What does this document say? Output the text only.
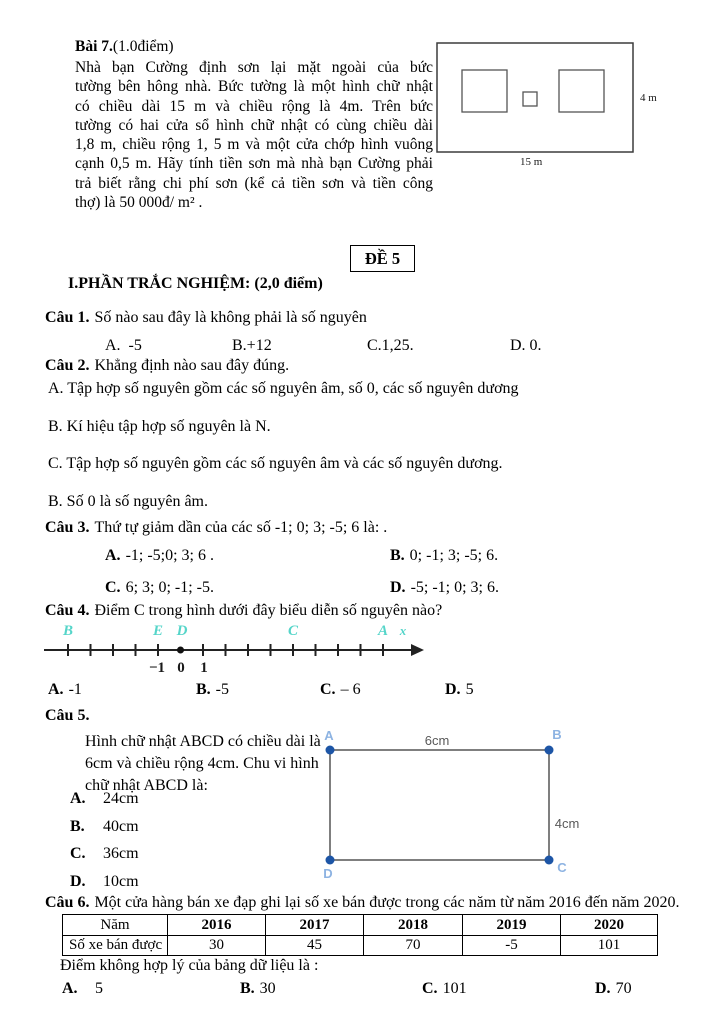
Bài 7.(1.0điểm)
Nhà bạn Cường định sơn lại mặt ngoài của bức
tường bên hông nhà. Bức tường là một hình chữ nhật
có chiều dài 15 m và chiều rộng là 4m. Trên bức
tường có hai cửa sổ hình chữ nhật có cùng chiều dài
1,8 m, chiều rộng 1, 5 m và một cửa chớp hình vuông
cạnh 0,5 m. Hãy tính tiền sơn mà nhà bạn Cường phải
trả biết rằng chi phí sơn (kể cả tiền sơn và tiền công
thợ) là 50 000đ/ m² .
4 m
15 m
ĐỀ 5
I.PHẦN TRẮC NGHIỆM: (2,0 điểm)
Câu 1. Số nào sau đây là không phải là số nguyên
A.  -5	B.+12	C.1,25.	D. 0.
Câu 2. Khẳng định nào sau đây đúng.
A. Tập hợp số nguyên gồm các số nguyên âm, số 0, các số nguyên dương
B. Kí hiệu tập hợp số nguyên là N.
C. Tập hợp số nguyên gồm các số nguyên âm và các số nguyên dương.
B. Số 0 là số nguyên âm.
Câu 3. Thứ tự giảm dần của các số -1; 0; 3; -5; 6 là: .
A. -1; -5;0; 3; 6 .	B. 0; -1; 3; -5; 6.
C. 6; 3; 0; -1; -5.	D. -5; -1; 0; 3; 6.
Câu 4. Điểm C trong hình dưới đây biểu diễn số nguyên nào?
B	E D	C	A x
−1 0 1
A. -1	B. -5	C. – 6	D. 5
Câu 5.
Hình chữ nhật ABCD có chiều dài là
6cm và chiều rộng 4cm. Chu vi hình
chữ nhật ABCD là:
A. 24cm
B. 40cm
C. 36cm
D. 10cm
A	B
C
D
6cm
4cm
Câu 6. Một cửa hàng bán xe đạp ghi lại số xe bán được trong các năm từ năm 2016 đến năm 2020.
Năm	2016	2017	2018	2019	2020
Số xe bán được	30	45	70	-5	101
Điểm không hợp lý của bảng dữ liệu là :
A. 5	B. 30	C. 101	D. 70
